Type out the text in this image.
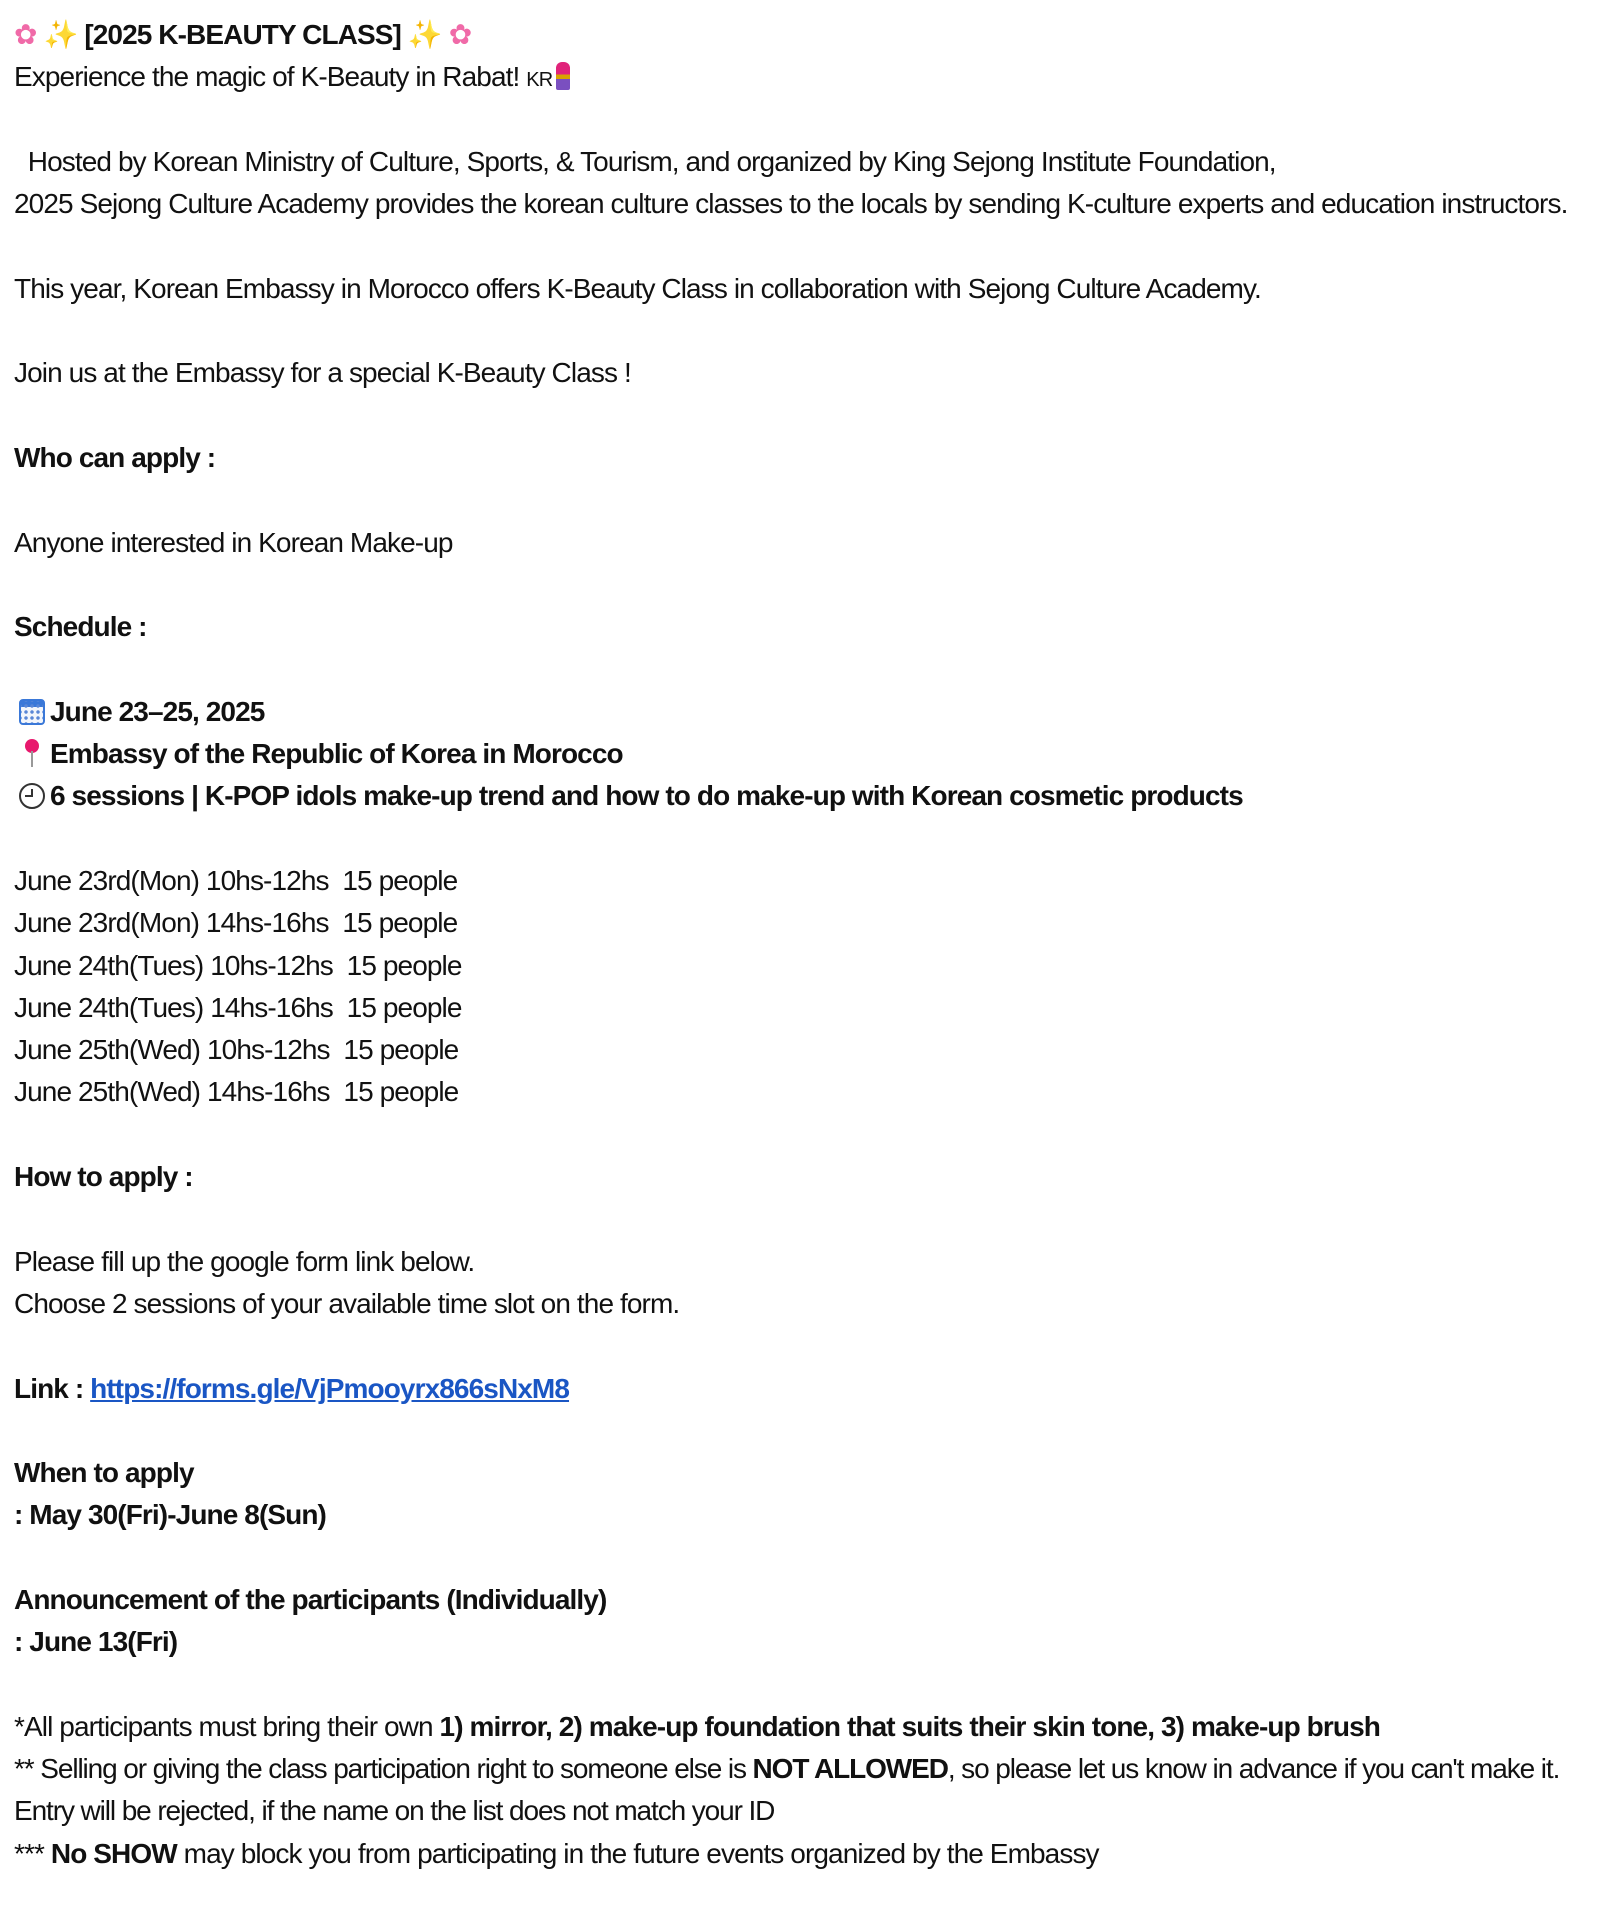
✿ ✨ [2025 K-BEAUTY CLASS] ✨ ✿
Experience the magic of K-Beauty in Rabat! KR
Hosted by Korean Ministry of Culture, Sports, & Tourism, and organized by King Sejong Institute Foundation,
2025 Sejong Culture Academy provides the korean culture classes to the locals by sending K-culture experts and education instructors.
This year, Korean Embassy in Morocco offers K-Beauty Class in collaboration with Sejong Culture Academy.
Join us at the Embassy for a special K-Beauty Class !
Who can apply :
Anyone interested in Korean Make-up
Schedule :
June 23–25, 2025
Embassy of the Republic of Korea in Morocco
6 sessions | K-POP idols make-up trend and how to do make-up with Korean cosmetic products
June 23rd(Mon) 10hs-12hs  15 people
June 23rd(Mon) 14hs-16hs  15 people
June 24th(Tues) 10hs-12hs  15 people
June 24th(Tues) 14hs-16hs  15 people
June 25th(Wed) 10hs-12hs  15 people
June 25th(Wed) 14hs-16hs  15 people
How to apply :
Please fill up the google form link below.
Choose 2 sessions of your available time slot on the form.
Link : https://forms.gle/VjPmooyrx866sNxM8
When to apply
: May 30(Fri)-June 8(Sun)
Announcement of the participants (Individually)
: June 13(Fri)
*All participants must bring their own 1) mirror, 2) make-up foundation that suits their skin tone, 3) make-up brush
** Selling or giving the class participation right to someone else is NOT ALLOWED, so please let us know in advance if you can't make it. Entry will be rejected, if the name on the list does not match your ID
*** No SHOW may block you from participating in the future events organized by the Embassy
